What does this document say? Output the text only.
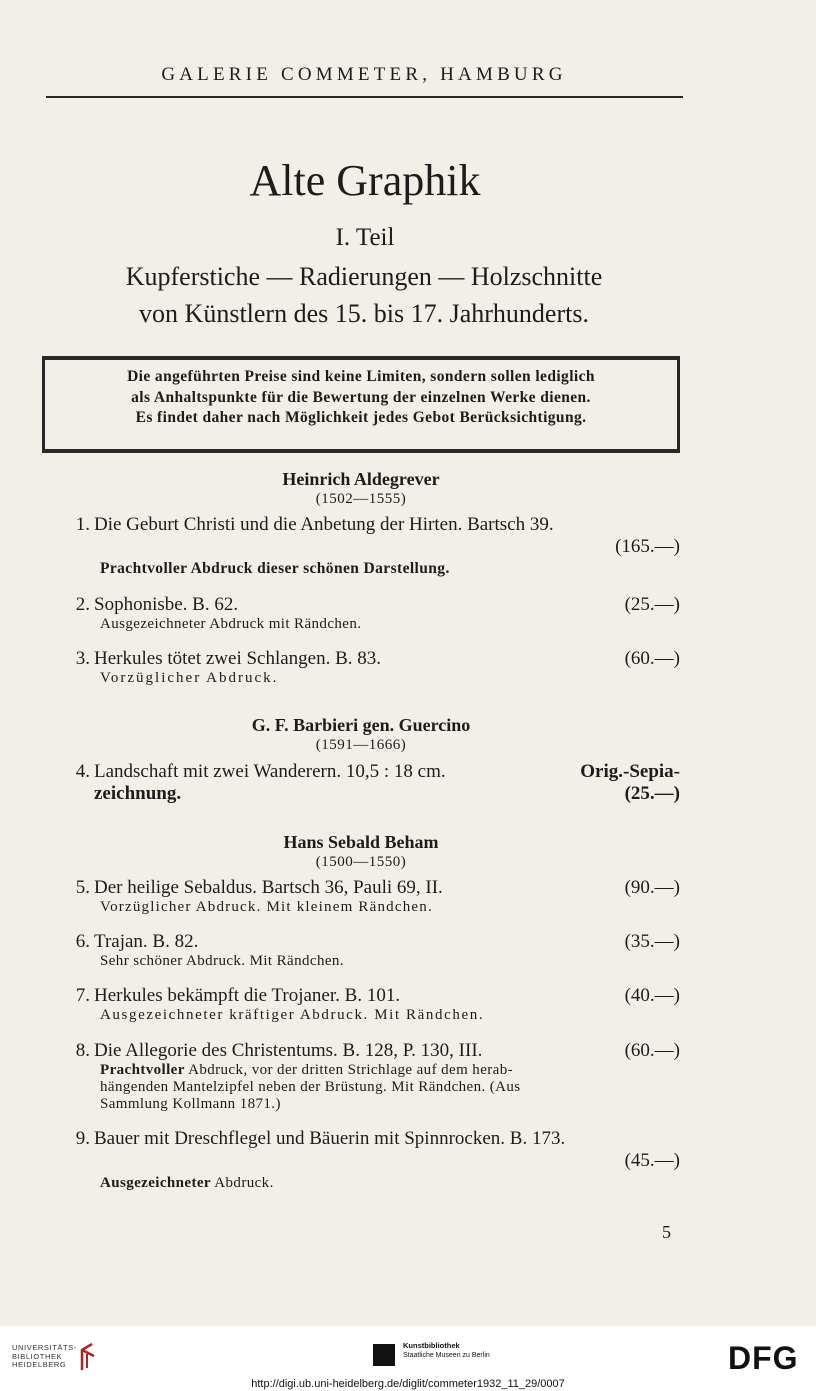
GALERIE COMMETER, HAMBURG
Alte Graphik
I. Teil
Kupferstiche — Radierungen — Holzschnitte
von Künstlern des 15. bis 17. Jahrhunderts.
Die angeführten Preise sind keine Limiten, sondern sollen lediglich
als Anhaltspunkte für die Bewertung der einzelnen Werke dienen.
Es findet daher nach Möglichkeit jedes Gebot Berücksichtigung.
Heinrich Aldegrever
(1502—1555)
1. Die Geburt Christi und die Anbetung der Hirten. Bartsch 39.
(165.—)
Prachtvoller Abdruck dieser schönen Darstellung.
2. Sophonisbe. B. 62.	(25.—)
Ausgezeichneter Abdruck mit Rändchen.
3. Herkules tötet zwei Schlangen. B. 83.	(60.—)
Vorzüglicher Abdruck.
G. F. Barbieri gen. Guercino
(1591—1666)
4. Landschaft mit zwei Wanderern. 10,5 : 18 cm.	Orig.-Sepia-
zeichnung.	(25.—)
Hans Sebald Beham
(1500—1550)
5. Der heilige Sebaldus. Bartsch 36, Pauli 69, II.	(90.—)
Vorzüglicher Abdruck. Mit kleinem Rändchen.
6. Trajan. B. 82.	(35.—)
Sehr schöner Abdruck. Mit Rändchen.
7. Herkules bekämpft die Trojaner. B. 101.	(40.—)
Ausgezeichneter kräftiger Abdruck. Mit Rändchen.
8. Die Allegorie des Christentums. B. 128, P. 130, III.	(60.—)
Prachtvoller Abdruck, vor der dritten Strichlage auf dem herab-
hängenden Mantelzipfel neben der Brüstung. Mit Rändchen. (Aus
Sammlung Kollmann 1871.)
9. Bauer mit Dreschflegel und Bäuerin mit Spinnrocken. B. 173.
(45.—)
Ausgezeichneter Abdruck.
5
UNIVERSITÄTS-
BIBLIOTHEK
HEIDELBERG
Kunstbibliothek
Staatliche Museen zu Berlin	DFG
http://digi.ub.uni-heidelberg.de/diglit/commeter1932_11_29/0007
